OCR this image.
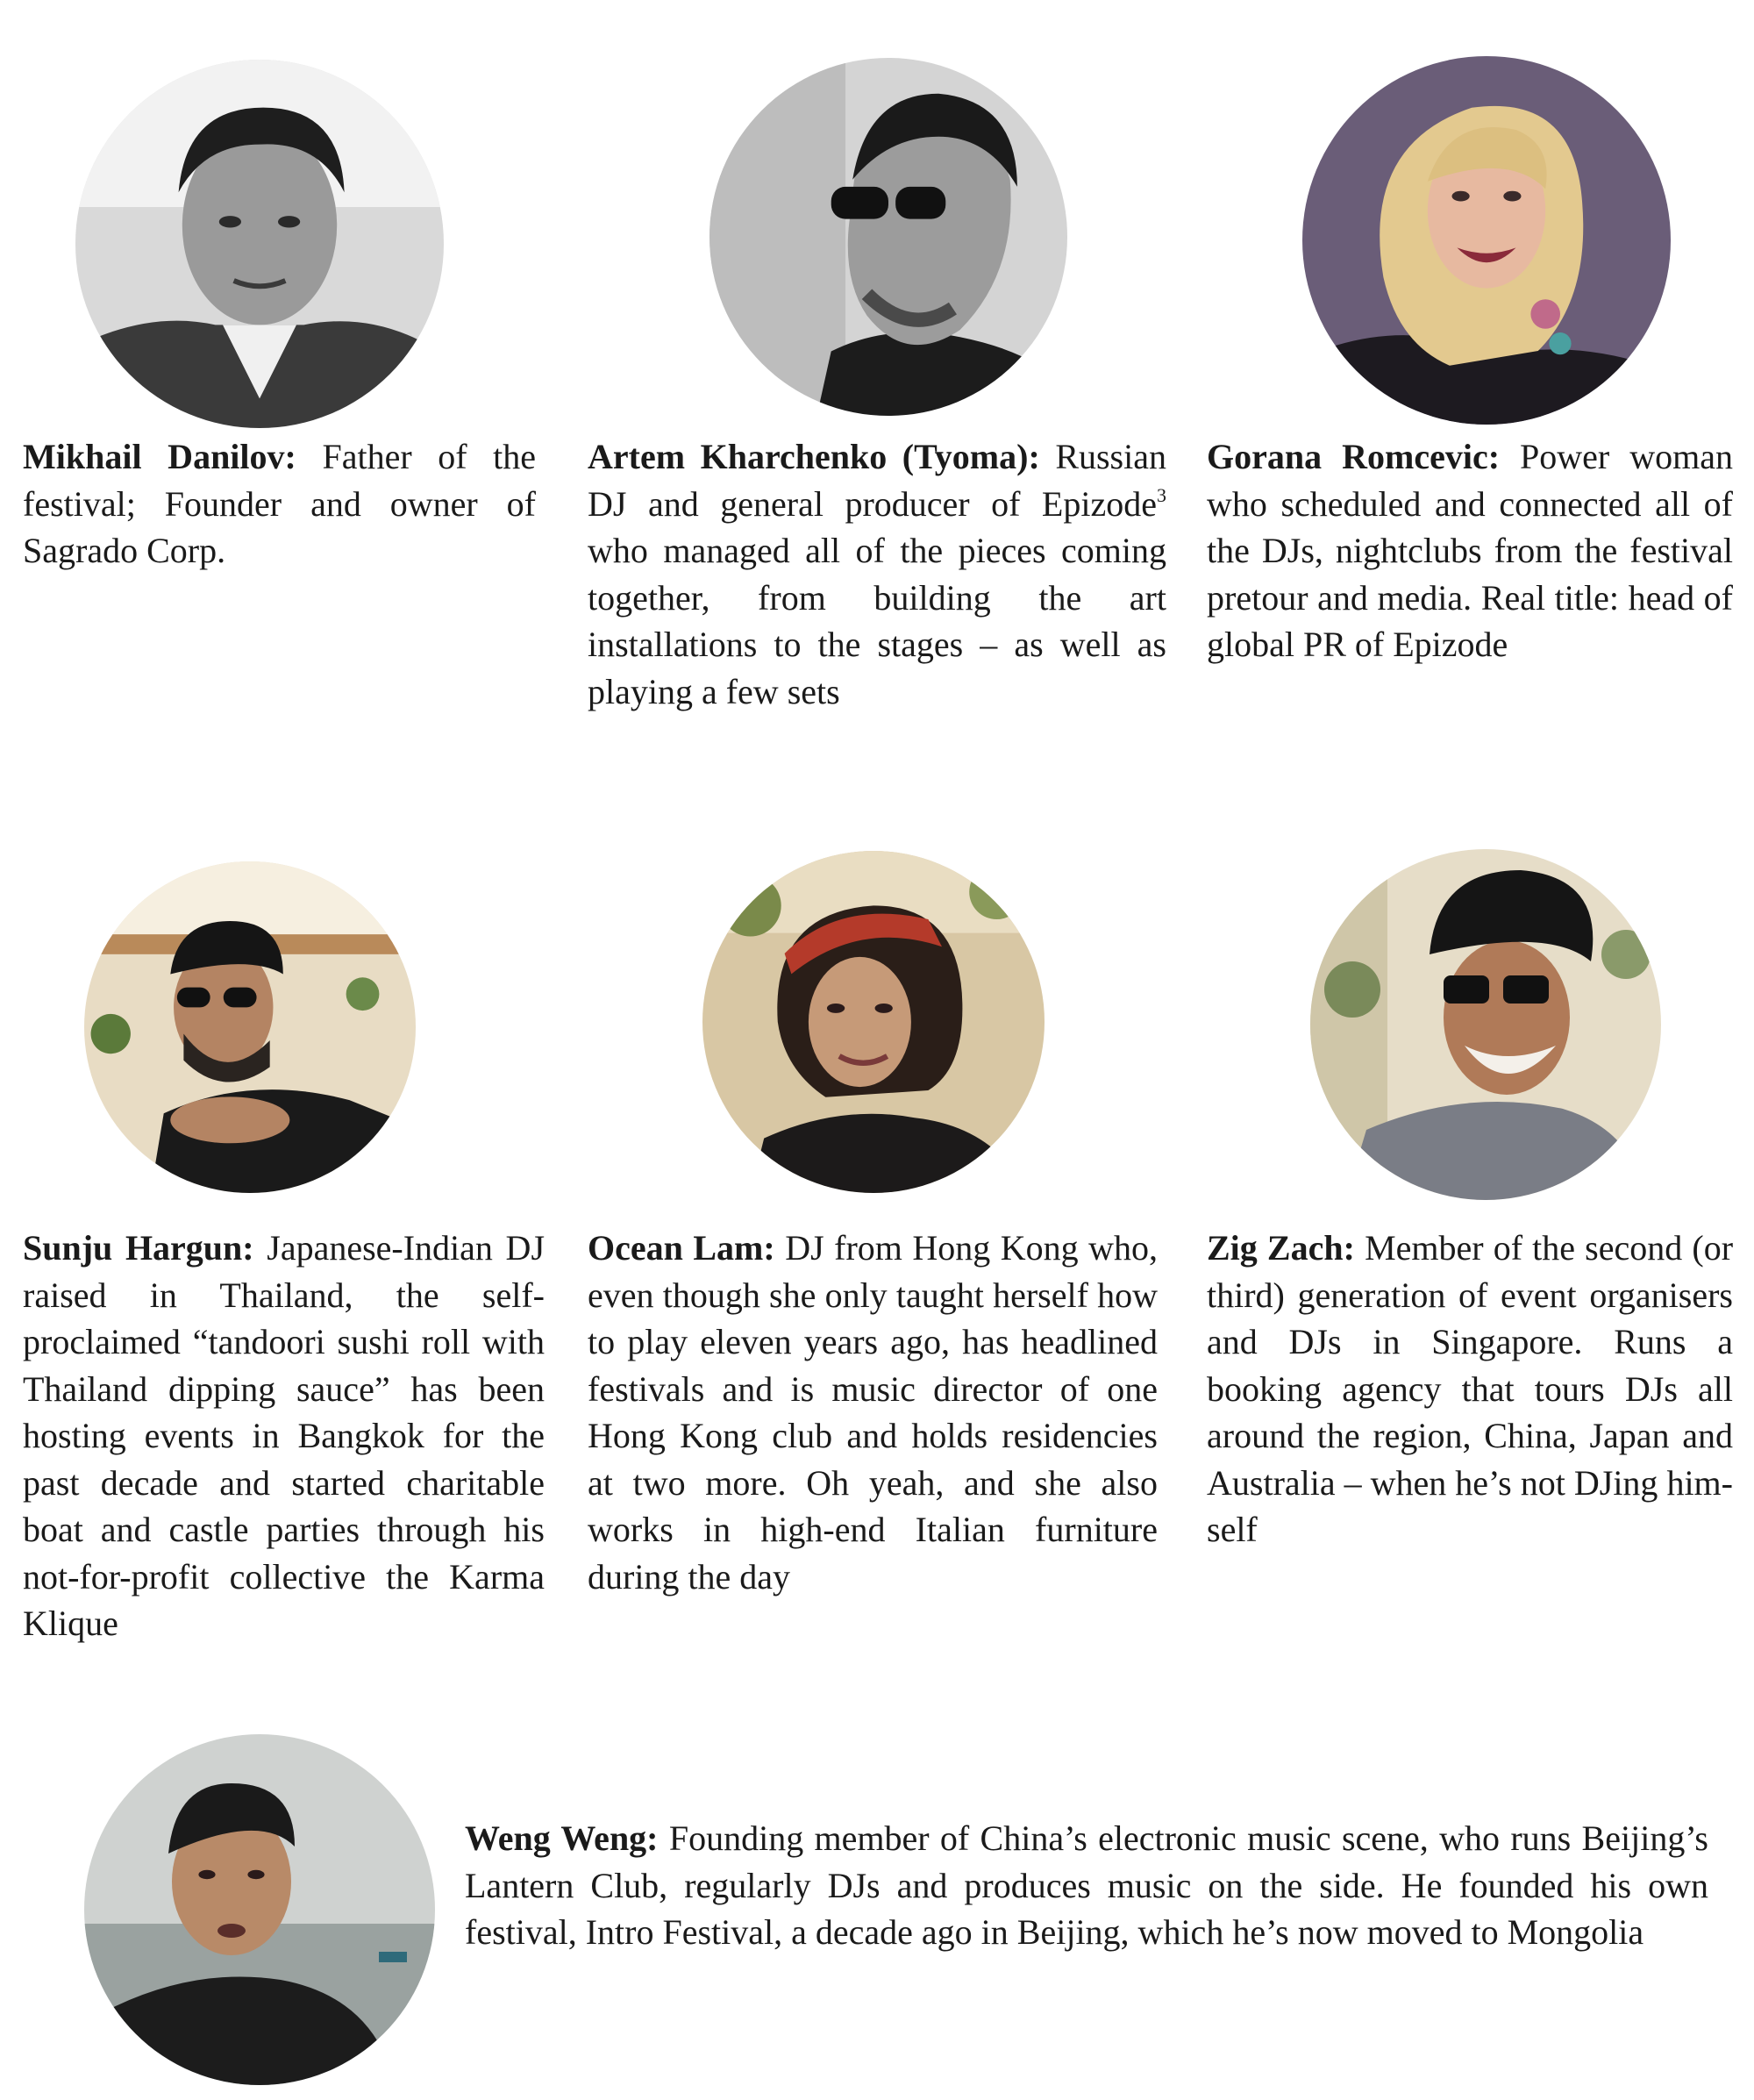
Mikhail Danilov: Father of the festival; Founder and owner of Sagrado Corp.
Artem Kharchenko (Tyoma): Russian DJ and general producer of Epizode$^3$ who managed all of the pieces coming together, from building the art installations to the stages – as well as playing a few sets
Gorana Romcevic: Power woman who scheduled and connected all of the DJs, nightclubs from the festival pretour and media. Real title: head of global PR of Epizode
Sunju Hargun: Japanese-Indian DJ raised in Thailand, the self-proclaimed “tandoori sushi roll with Thailand dipping sauce” has been hosting events in Bangkok for the past decade and started charitable boat and castle parties through his not-for-profit collective the Karma Klique
Ocean Lam: DJ from Hong Kong who, even though she only taught herself how to play eleven years ago, has headlined festivals and is music director of one Hong Kong club and holds residencies at two more. Oh yeah, and she also works in high-end Italian furniture during the day
Zig Zach: Member of the second (or third) generation of event organisers and DJs in Singapore. Runs a booking agency that tours DJs all around the region, China, Japan and Australia – when he’s not DJing himself
Weng Weng: Founding member of China’s electronic music scene, who runs Beijing’s Lantern Club, regularly DJs and produces music on the side. He founded his own festival, Intro Festival, a decade ago in Beijing, which he’s now moved to Mongolia
